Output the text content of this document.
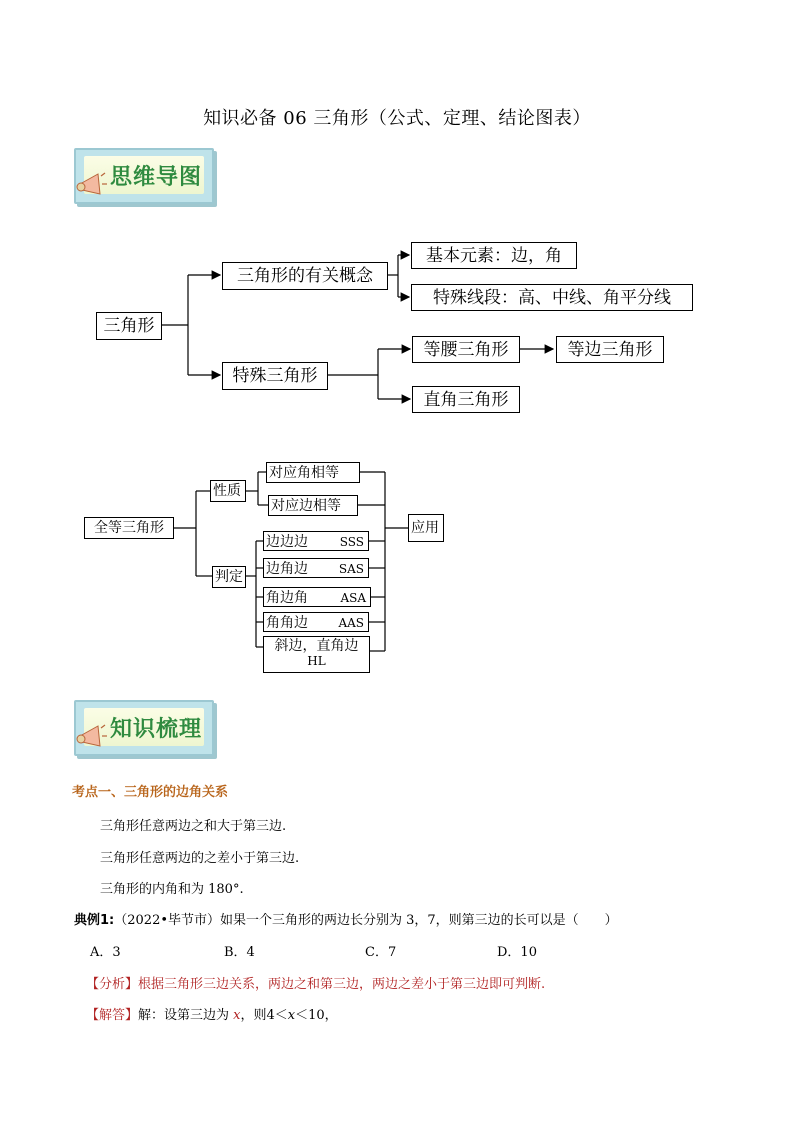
知识必备 06 三角形（公式、定理、结论图表）
思维导图
三角形
三角形的有关概念
基本元素：边，角
特殊线段：高、中线、角平分线
特殊三角形
等腰三角形	等边三角形
直角三角形
全等三角形
性质
判定
应用
对应角相等
对应边相等
边边边	SSS
边角边	SAS
角边角	ASA
角角边	AAS
斜边，直角边
HL
知识梳理
考点一、三角形的边角关系
三角形任意两边之和大于第三边.
三角形任意两边的之差小于第三边.
三角形的内角和为 180°.
典例1:（2022•毕节市）如果一个三角形的两边长分别为 3，7，则第三边的长可以是（　　）
A．3	B．4	C．7	D．10
【分析】根据三角形三边关系，两边之和第三边，两边之差小于第三边即可判断.
【解答】解：设第三边为 x，则4＜x＜10，
